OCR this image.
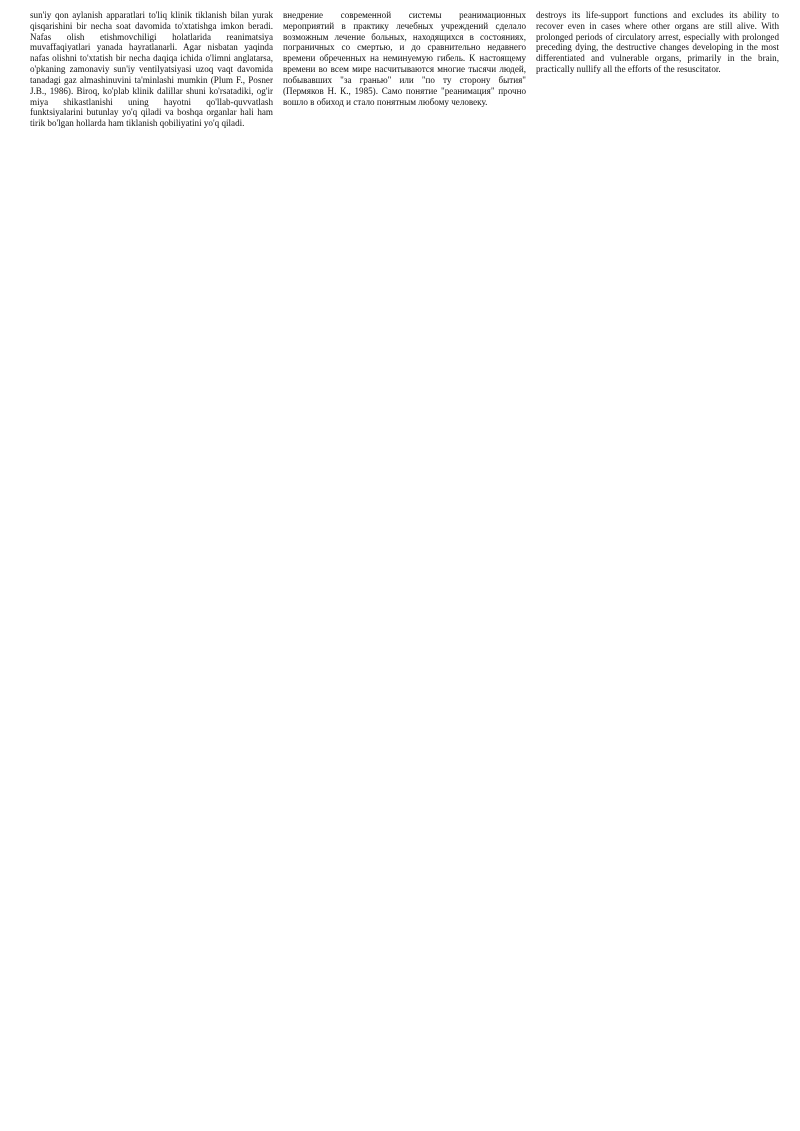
sun'iy qon aylanish apparatlari to'liq klinik tiklanish bilan yurak qisqarishini bir necha soat davomida to'xtatishga imkon beradi. Nafas olish etishmovchiligi holatlarida reanimatsiya muvaffaqiyatlari yanada hayratlanarli. Agar nisbatan yaqinda nafas olishni to'xtatish bir necha daqiqa ichida o'limni anglatarsa, o'pkaning zamonaviy sun'iy ventilyatsiyasi uzoq vaqt davomida tanadagi gaz almashinuvini ta'minlashi mumkin (Plum F., Posner J.B., 1986). Biroq, ko'plab klinik dalillar shuni ko'rsatadiki, og'ir miya shikastlanishi uning hayotni qo'llab-quvvatlash funktsiyalarini butunlay yo'q qiladi va boshqa organlar hali ham tirik bo'lgan hollarda ham tiklanish qobiliyatini yo'q qiladi.

внедрение современной системы реанимационных мероприятий в практику лечебных учреждений сделало возможным лечение больных, находящихся в состояниях, пограничных со смертью, и до сравнительно недавнего времени обреченных на неминуемую гибель. К настоящему времени во всем мире насчитываются многие тысячи людей, побывавших "за гранью" или "по ту сторону бытия" (Пермяков Н. К., 1985). Само понятие "реанимация" прочно вошло в обиход и стало понятным любому человеку.

destroys its life-support functions and excludes its ability to recover even in cases where other organs are still alive. With prolonged periods of circulatory arrest, especially with prolonged preceding dying, the destructive changes developing in the most differentiated and vulnerable organs, primarily in the brain, practically nullify all the efforts of the resuscitator.
